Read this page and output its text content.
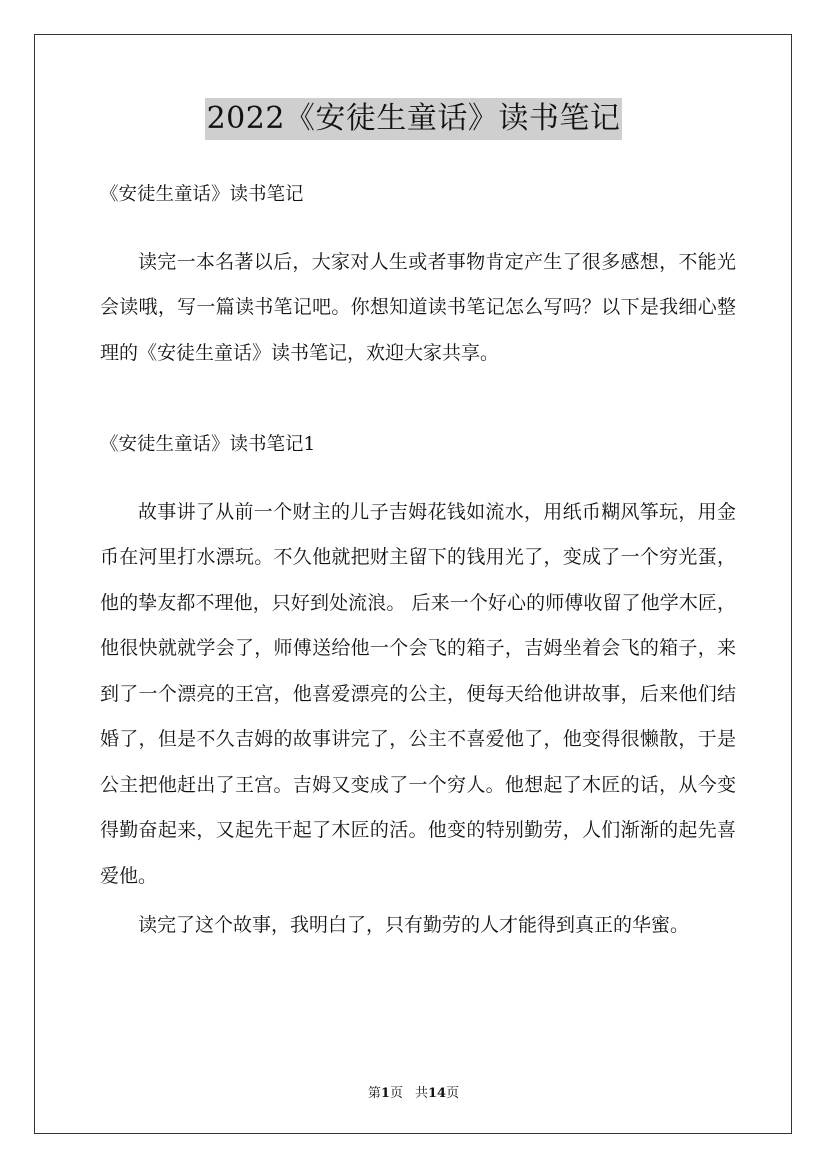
2022《安徒生童话》读书笔记

《安徒生童话》读书笔记

读完一本名著以后，大家对人生或者事物肯定产生了很多感想，不能光会读哦，写一篇读书笔记吧。你想知道读书笔记怎么写吗？以下是我细心整理的《安徒生童话》读书笔记，欢迎大家共享。

《安徒生童话》读书笔记1

故事讲了从前一个财主的儿子吉姆花钱如流水，用纸币糊风筝玩，用金币在河里打水漂玩。不久他就把财主留下的钱用光了，变成了一个穷光蛋，他的挚友都不理他，只好到处流浪。 后来一个好心的师傅收留了他学木匠，他很快就就学会了，师傅送给他一个会飞的箱子，吉姆坐着会飞的箱子，来到了一个漂亮的王宫，他喜爱漂亮的公主，便每天给他讲故事，后来他们结婚了，但是不久吉姆的故事讲完了，公主不喜爱他了，他变得很懒散，于是公主把他赶出了王宫。吉姆又变成了一个穷人。他想起了木匠的话，从今变得勤奋起来，又起先干起了木匠的活。他变的特别勤劳，人们渐渐的起先喜爱他。

读完了这个故事，我明白了，只有勤劳的人才能得到真正的华蜜。

第1页 共14页
